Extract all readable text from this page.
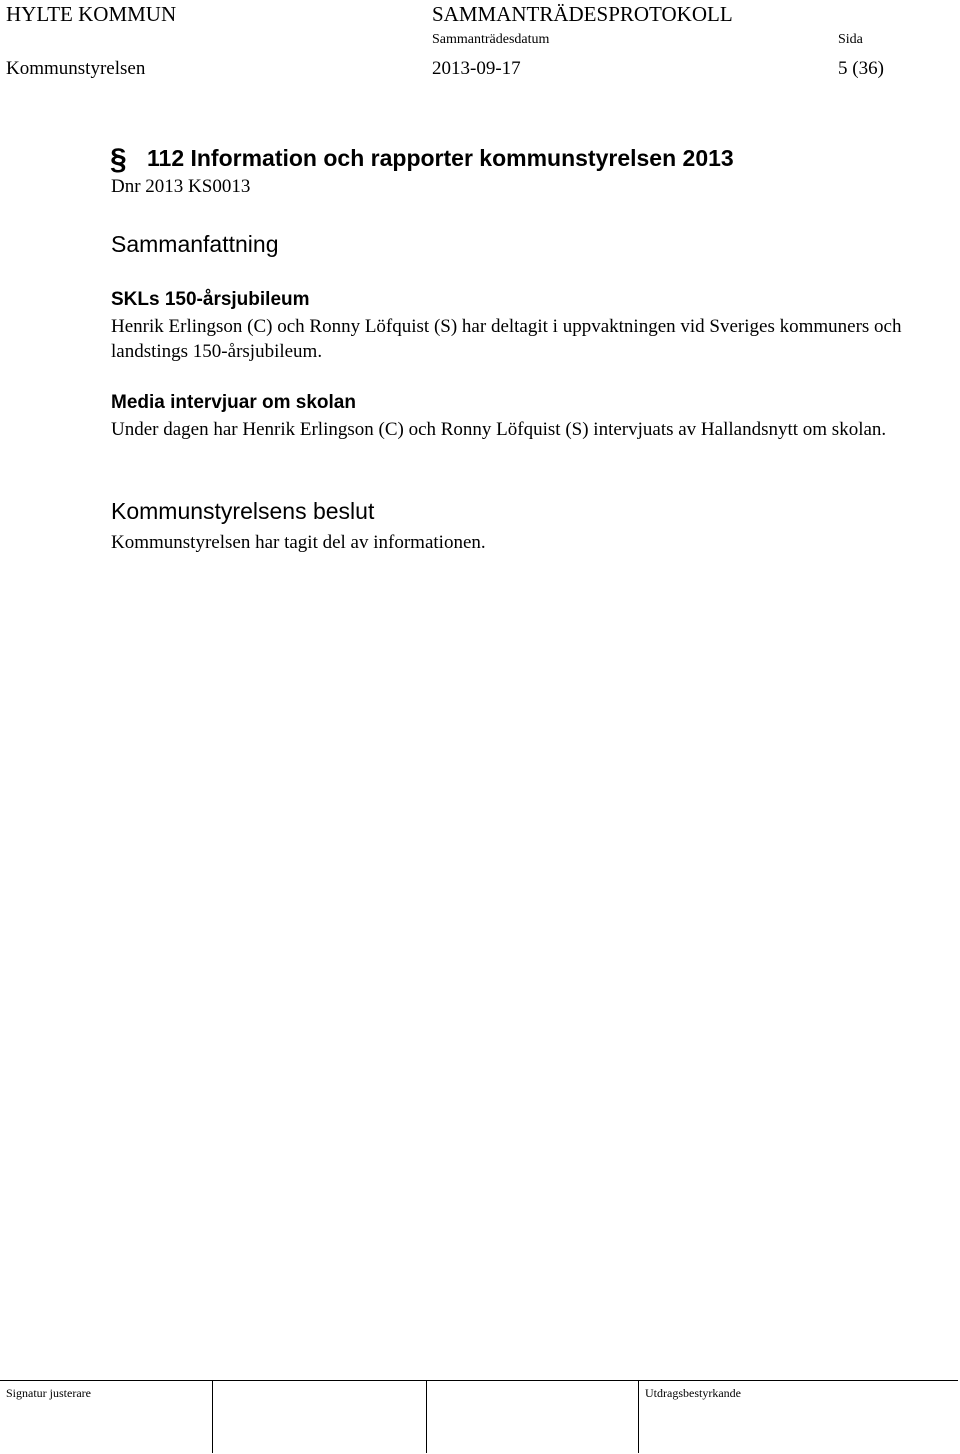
HYLTE KOMMUN	SAMMANTRÄDESPROTOKOLL
Sammanträdesdatum	Sida
Kommunstyrelsen	2013-09-17	5 (36)
§ 112 Information och rapporter kommunstyrelsen 2013
Dnr 2013 KS0013
Sammanfattning
SKLs 150-årsjubileum
Henrik Erlingson (C) och Ronny Löfquist (S) har deltagit i uppvaktningen vid Sveriges kommuners och landstings 150-årsjubileum.
Media intervjuar om skolan
Under dagen har Henrik Erlingson (C) och Ronny Löfquist (S) intervjuats av Hallandsnytt om skolan.
Kommunstyrelsens beslut
Kommunstyrelsen har tagit del av informationen.
Signatur justerare	Utdragsbestyrkande
